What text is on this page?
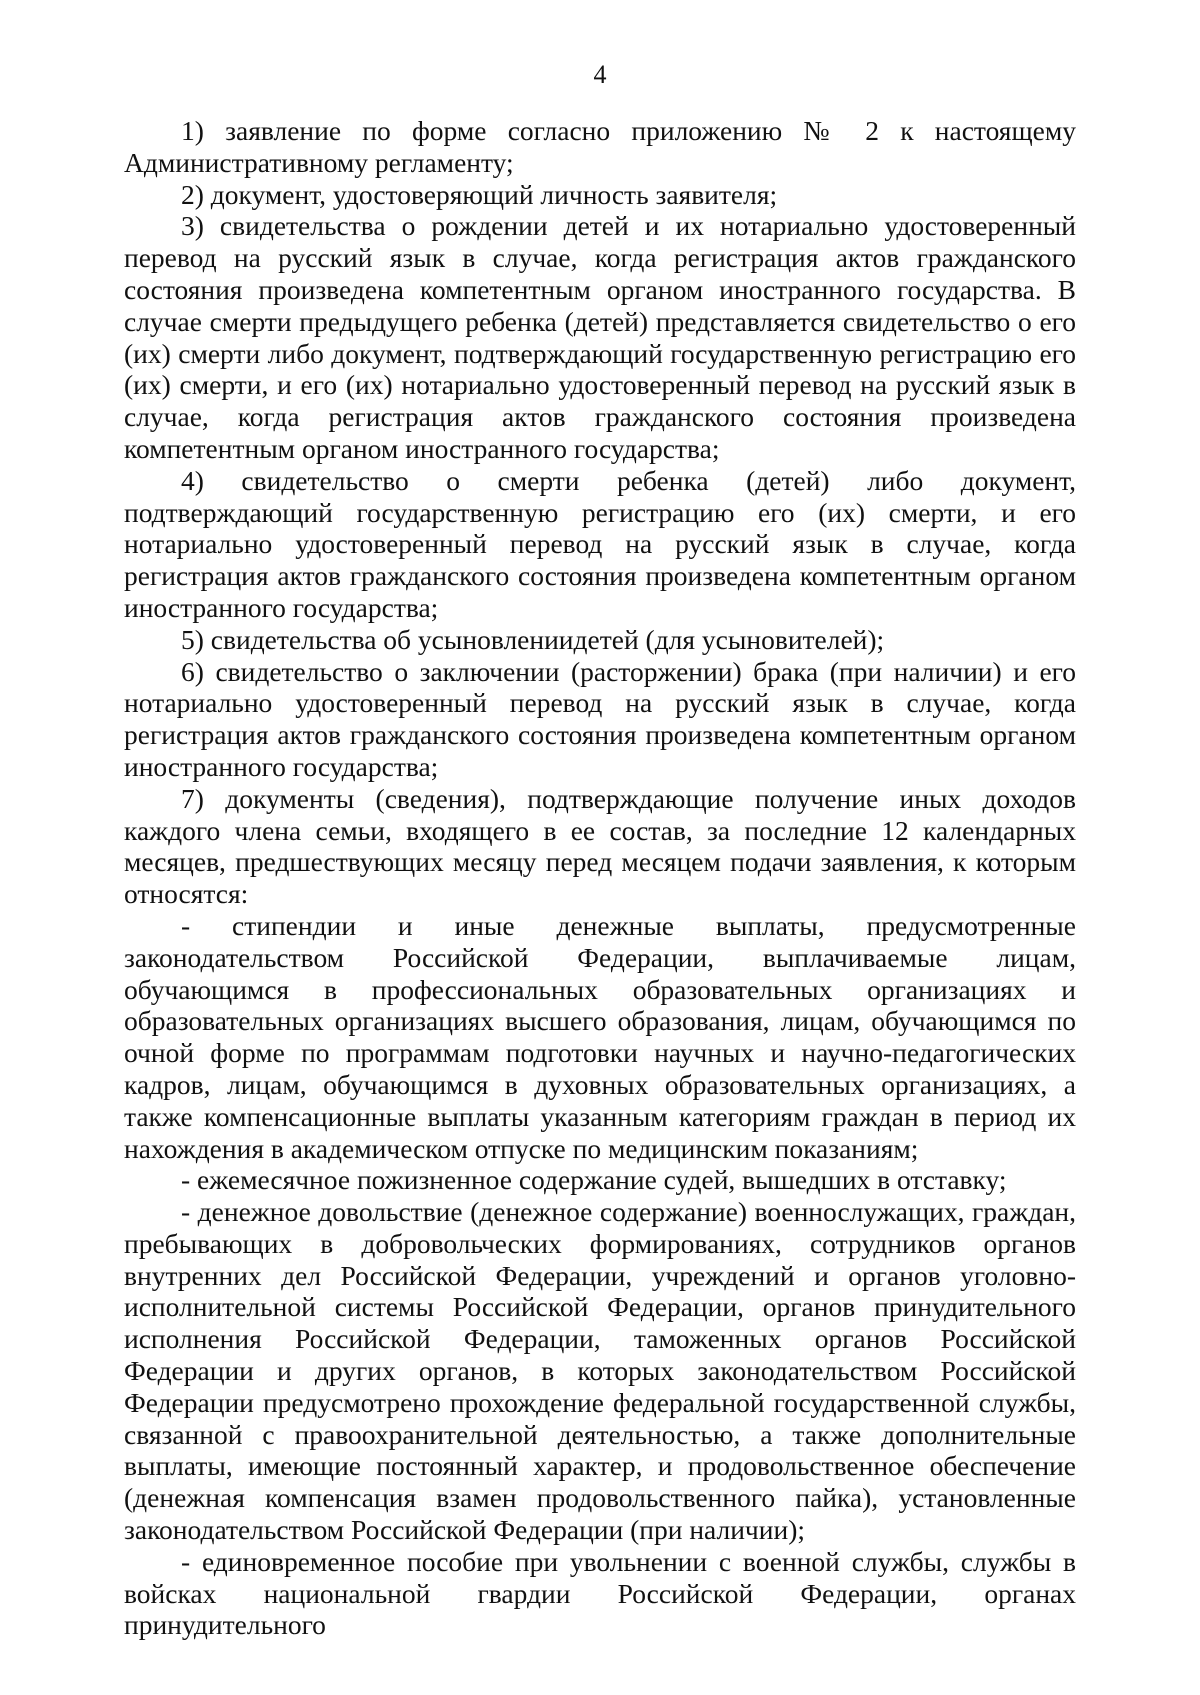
4

1) заявление по форме согласно приложению № 2 к настоящему Административному регламенту;

2) документ, удостоверяющий личность заявителя;

3) свидетельства о рождении детей и их нотариально удостоверенный перевод на русский язык в случае, когда регистрация актов гражданского состояния произведена компетентным органом иностранного государства. В случае смерти предыдущего ребенка (детей) представляется свидетельство о его (их) смерти либо документ, подтверждающий государственную регистрацию его (их) смерти, и его (их) нотариально удостоверенный перевод на русский язык в случае, когда регистрация актов гражданского состояния произведена компетентным органом иностранного государства;

4) свидетельство о смерти ребенка (детей) либо документ, подтверждающий государственную регистрацию его (их) смерти, и его нотариально удостоверенный перевод на русский язык в случае, когда регистрация актов гражданского состояния произведена компетентным органом иностранного государства;

5) свидетельства об усыновлениидетей (для усыновителей);

6) свидетельство о заключении (расторжении) брака (при наличии) и его нотариально удостоверенный перевод на русский язык в случае, когда регистрация актов гражданского состояния произведена компетентным органом иностранного государства;

7) документы (сведения), подтверждающие получение иных доходов каждого члена семьи, входящего в ее состав, за последние 12 календарных месяцев, предшествующих месяцу перед месяцем подачи заявления, к которым относятся:

- стипендии и иные денежные выплаты, предусмотренные законодательством Российской Федерации, выплачиваемые лицам, обучающимся в профессиональных образовательных организациях и образовательных организациях высшего образования, лицам, обучающимся по очной форме по программам подготовки научных и научно-педагогических кадров, лицам, обучающимся в духовных образовательных организациях, а также компенсационные выплаты указанным категориям граждан в период их нахождения в академическом отпуске по медицинским показаниям;

- ежемесячное пожизненное содержание судей, вышедших в отставку;

- денежное довольствие (денежное содержание) военнослужащих, граждан, пребывающих в добровольческих формированиях, сотрудников органов внутренних дел Российской Федерации, учреждений и органов уголовно-исполнительной системы Российской Федерации, органов принудительного исполнения Российской Федерации, таможенных органов Российской Федерации и других органов, в которых законодательством Российской Федерации предусмотрено прохождение федеральной государственной службы, связанной с правоохранительной деятельностью, а также дополнительные выплаты, имеющие постоянный характер, и продовольственное обеспечение (денежная компенсация взамен продовольственного пайка), установленные законодательством Российской Федерации (при наличии);

- единовременное пособие при увольнении с военной службы, службы в войсках национальной гвардии Российской Федерации, органах принудительного
